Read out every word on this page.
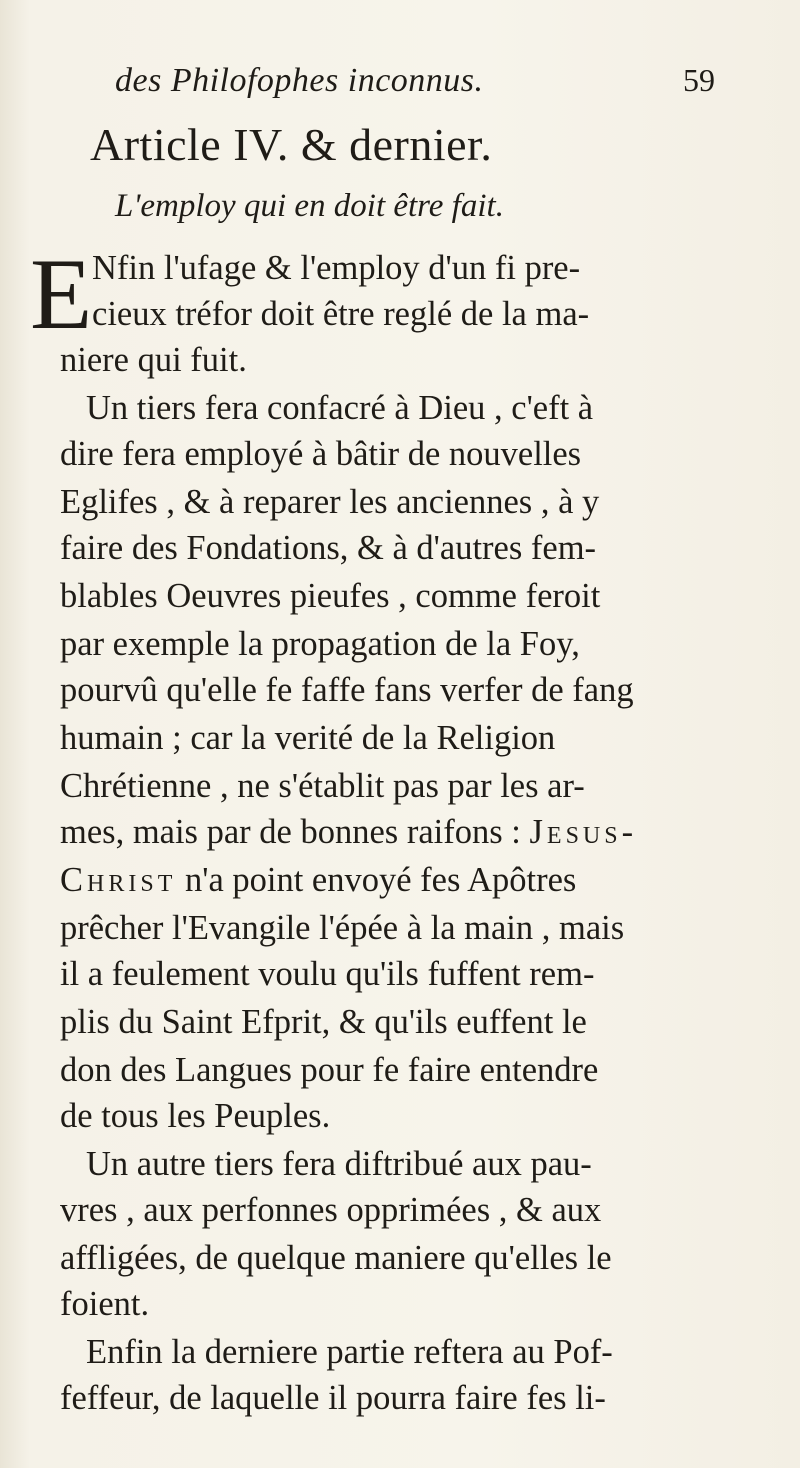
des Philofophes inconnus.	59
Article IV. & dernier.
L'employ qui en doit être fait.
E Nfin l'ufage & l'employ d'un fi pre-
cieux tréfor doit être reglé de la ma-
niere qui fuit.
Un tiers fera confacré à Dieu , c'eft à
dire fera employé à bâtir de nouvelles
Eglifes , & à reparer les anciennes , à y
faire des Fondations, & à d'autres fem-
blables Oeuvres pieufes , comme feroit
par exemple la propagation de la Foy,
pourvû qu'elle fe faffe fans verfer de fang
humain ; car la verité de la Religion
Chrétienne , ne s'établit pas par les ar-
mes, mais par de bonnes raifons : Jesus-
Christ n'a point envoyé fes Apôtres
prêcher l'Evangile l'épée à la main , mais
il a feulement voulu qu'ils fuffent rem-
plis du Saint Efprit, & qu'ils euffent le
don des Langues pour fe faire entendre
de tous les Peuples.
Un autre tiers fera diftribué aux pau-
vres , aux perfonnes opprimées , & aux
affligées, de quelque maniere qu'elles le
foient.
Enfin la derniere partie reftera au Pof-
feffeur, de laquelle il pourra faire fes li-
